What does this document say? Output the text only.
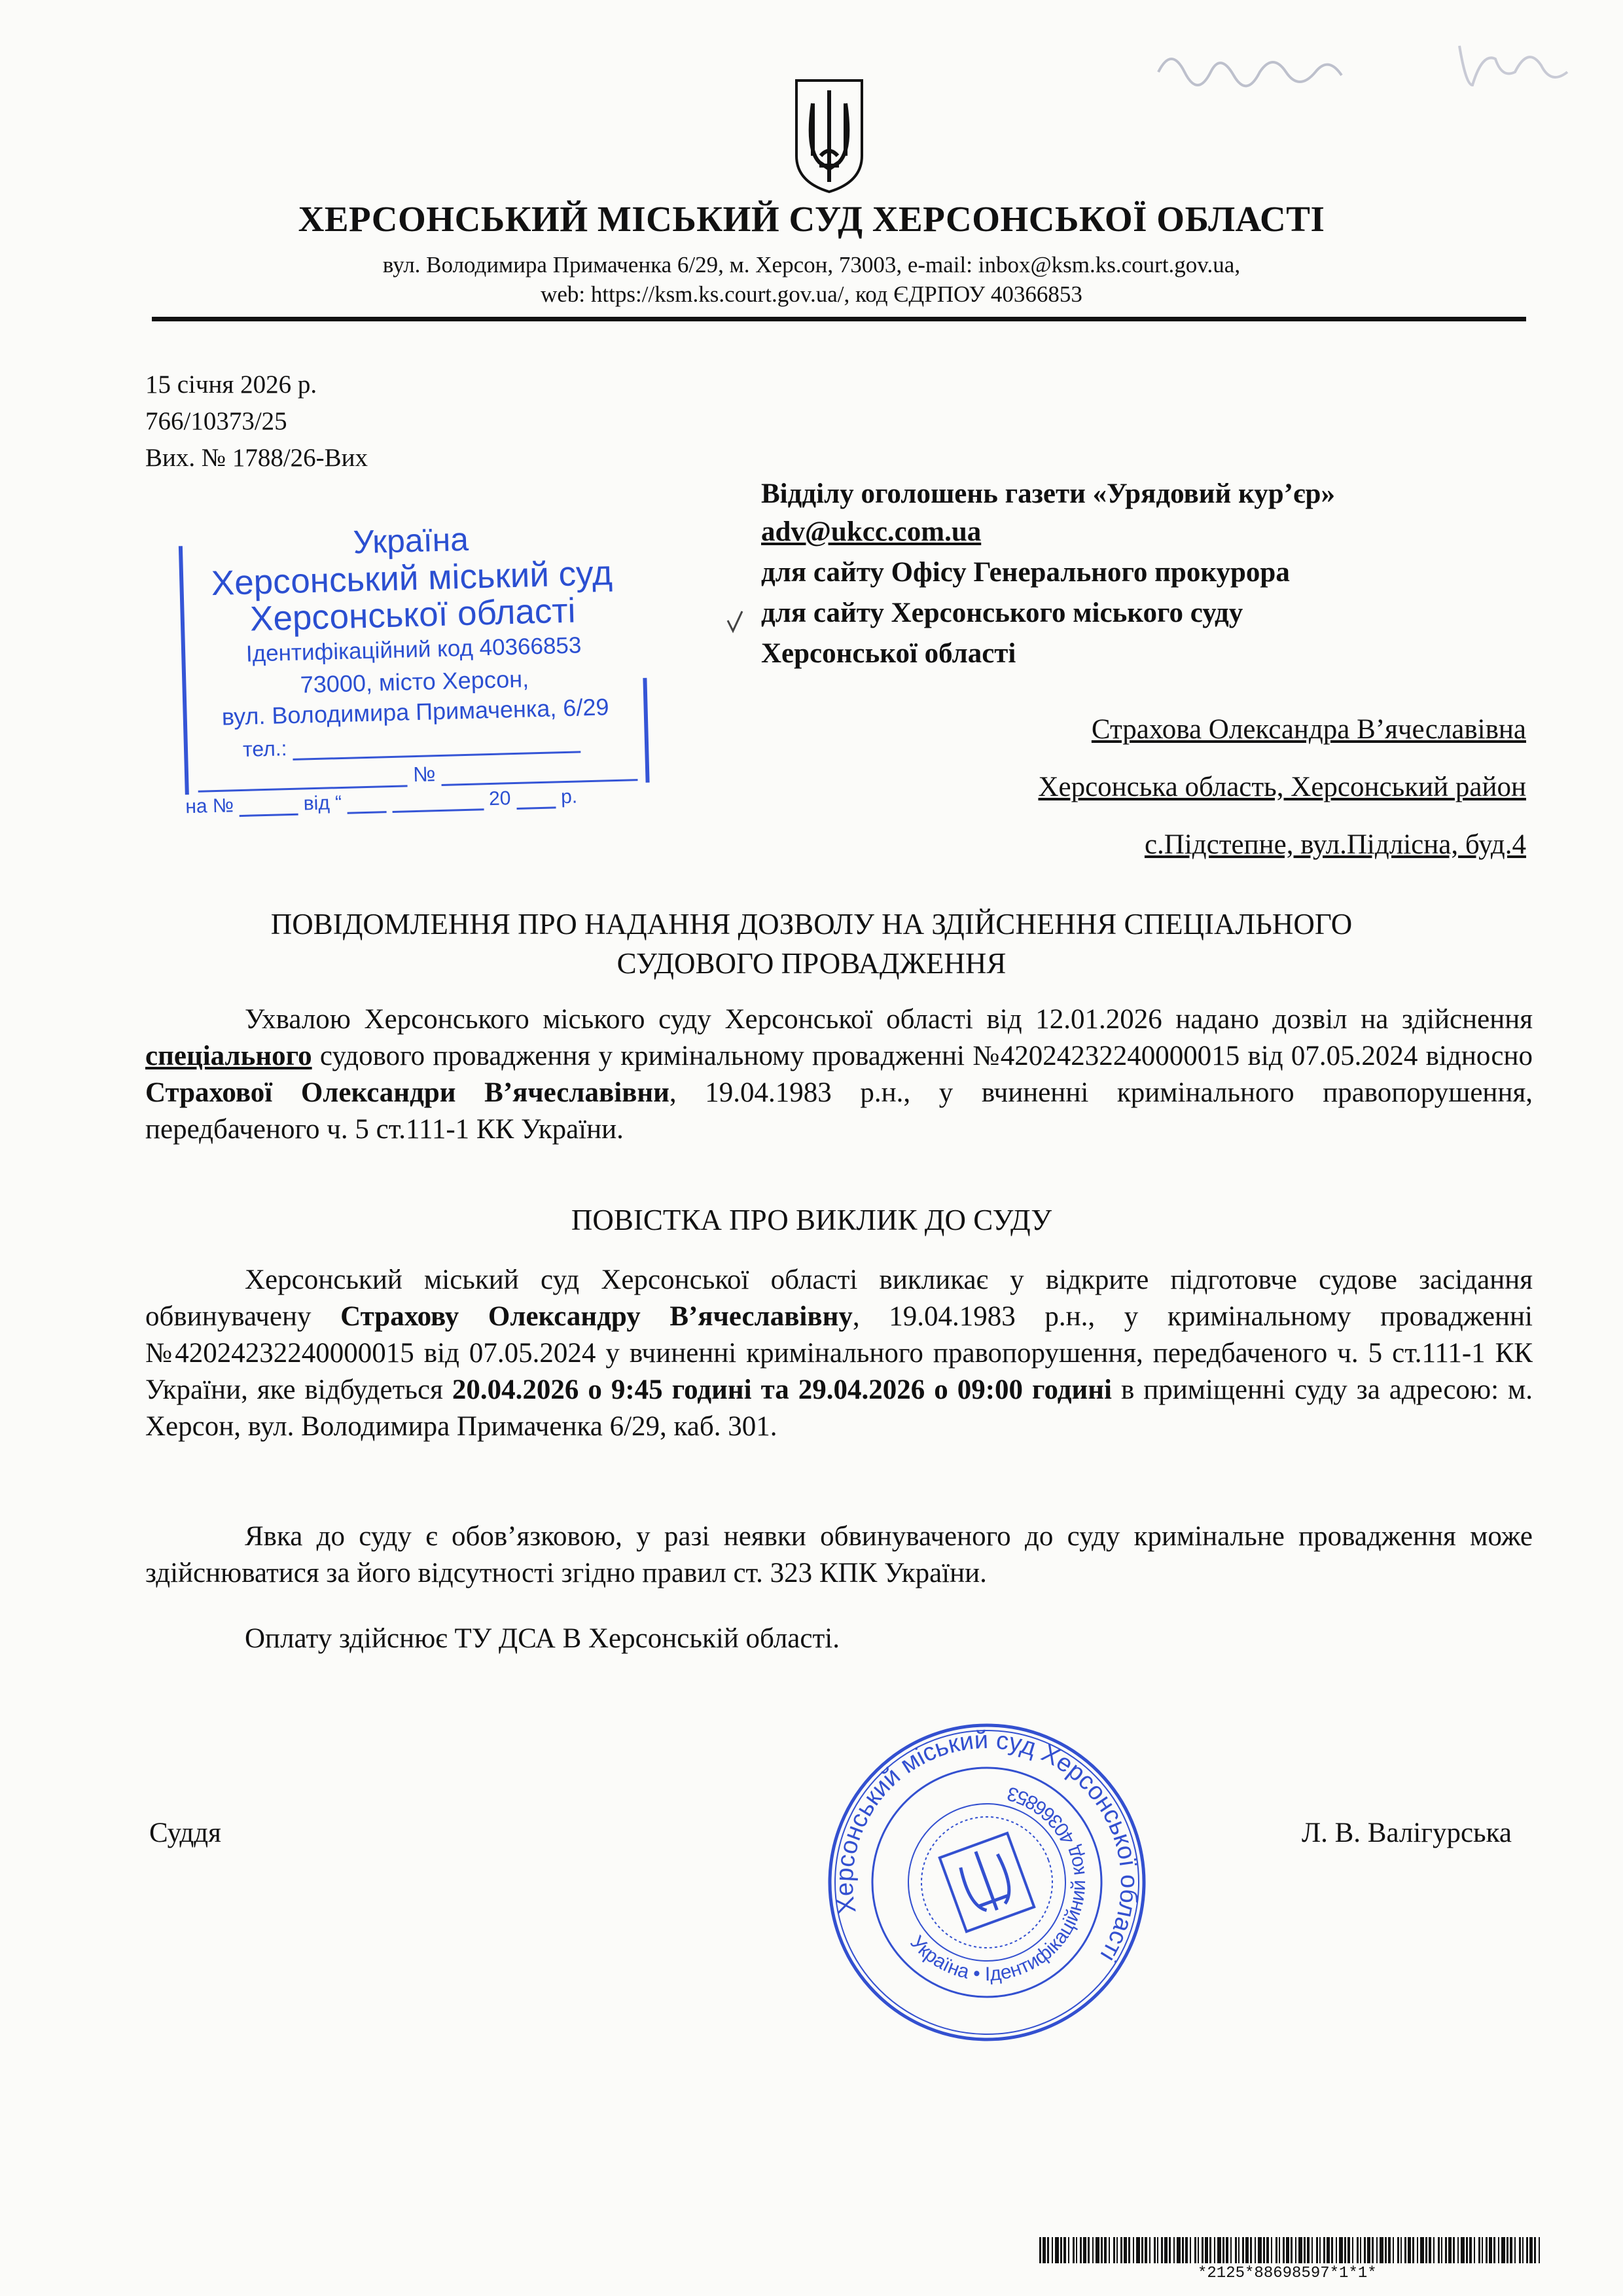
ХЕРСОНСЬКИЙ МІСЬКИЙ СУД ХЕРСОНСЬКОЇ ОБЛАСТІ
вул. Володимира Примаченка 6/29, м. Херсон, 73003, e-mail: inbox@ksm.ks.court.gov.ua,
web: https://ksm.ks.court.gov.ua/, код ЄДРПОУ 40366853
15 січня 2026 р.
766/10373/25
Вих. № 1788/26-Вих
Україна
Херсонський міський суд
Херсонської області
Ідентифікаційний код 40366853
73000, місто Херсон,
вул. Володимира Примаченка, 6/29
тел.:
№
на №	від “	20	р.
Відділу оголошень газети «Урядовий кур’єр»
adv@ukcc.com.ua
для сайту Офісу Генерального прокурора
для сайту Херсонського міського суду
Херсонської області
Страхова Олександра В’ячеславівна
Херсонська область, Херсонський район
с.Підстепне, вул.Підлісна, буд.4
ПОВІДОМЛЕННЯ ПРО НАДАННЯ ДОЗВОЛУ НА ЗДІЙСНЕННЯ СПЕЦІАЛЬНОГО
СУДОВОГО ПРОВАДЖЕННЯ
Ухвалою Херсонського міського суду Херсонської області від 12.01.2026 надано дозвіл на здійснення спеціального судового провадження у кримінальному провадженні №42024232240000015 від 07.05.2024 відносно Страхової Олександри В’ячеславівни, 19.04.1983 р.н., у вчиненні кримінального правопорушення, передбаченого ч. 5 ст.111-1 КК України.
ПОВІСТКА ПРО ВИКЛИК ДО СУДУ
Херсонський міський суд Херсонської області викликає у відкрите підготовче судове засідання обвинувачену Страхову Олександру В’ячеславівну, 19.04.1983 р.н., у кримінальному провадженні №42024232240000015 від 07.05.2024 у вчиненні кримінального правопорушення, передбаченого ч. 5 ст.111-1 КК України, яке відбудеться 20.04.2026 о 9:45 годині та 29.04.2026 о 09:00 годині в приміщенні суду за адресою: м. Херсон, вул. Володимира Примаченка 6/29, каб. 301.
Явка до суду є обов’язковою, у разі неявки обвинуваченого до суду кримінальне провадження може здійснюватися за його відсутності згідно правил ст. 323 КПК України.
Оплату здійснює ТУ ДСА В Херсонській області.
Суддя	Л. В. Валігурська
Херсонський міський суд Херсонської області
Україна • Ідентифікаційний код 40366853
*2125*88698597*1*1*
